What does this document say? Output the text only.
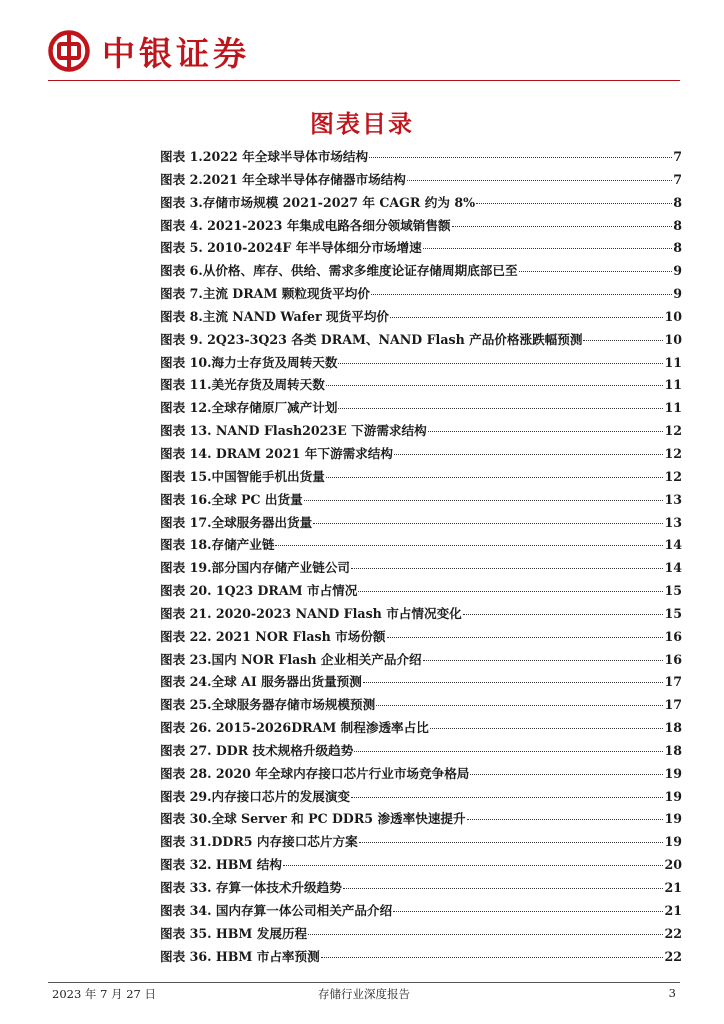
中银证券
图表目录
图表 1.2022 年全球半导体市场结构	7
图表 2.2021 年全球半导体存储器市场结构	7
图表 3.存储市场规模 2021-2027 年 CAGR 约为 8%	8
图表 4. 2021-2023 年集成电路各细分领域销售额	8
图表 5. 2010-2024F 年半导体细分市场增速	8
图表 6.从价格、库存、供给、需求多维度论证存储周期底部已至	9
图表 7.主流 DRAM 颗粒现货平均价	9
图表 8.主流 NAND Wafer 现货平均价	10
图表 9. 2Q23-3Q23 各类 DRAM、NAND Flash 产品价格涨跌幅预测	10
图表 10.海力士存货及周转天数	11
图表 11.美光存货及周转天数	11
图表 12.全球存储原厂减产计划	11
图表 13. NAND Flash2023E 下游需求结构	12
图表 14. DRAM 2021 年下游需求结构	12
图表 15.中国智能手机出货量	12
图表 16.全球 PC 出货量	13
图表 17.全球服务器出货量	13
图表 18.存储产业链	14
图表 19.部分国内存储产业链公司	14
图表 20. 1Q23 DRAM 市占情况	15
图表 21. 2020-2023 NAND Flash 市占情况变化	15
图表 22. 2021 NOR Flash 市场份额	16
图表 23.国内 NOR Flash 企业相关产品介绍	16
图表 24.全球 AI 服务器出货量预测	17
图表 25.全球服务器存储市场规模预测	17
图表 26. 2015-2026DRAM 制程渗透率占比	18
图表 27. DDR 技术规格升级趋势	18
图表 28. 2020 年全球内存接口芯片行业市场竞争格局	19
图表 29.内存接口芯片的发展演变	19
图表 30.全球 Server 和 PC DDR5 渗透率快速提升	19
图表 31.DDR5 内存接口芯片方案	19
图表 32. HBM 结构	20
图表 33. 存算一体技术升级趋势	21
图表 34. 国内存算一体公司相关产品介绍	21
图表 35. HBM 发展历程	22
图表 36. HBM 市占率预测	22
2023 年 7 月 27 日	存储行业深度报告	3
